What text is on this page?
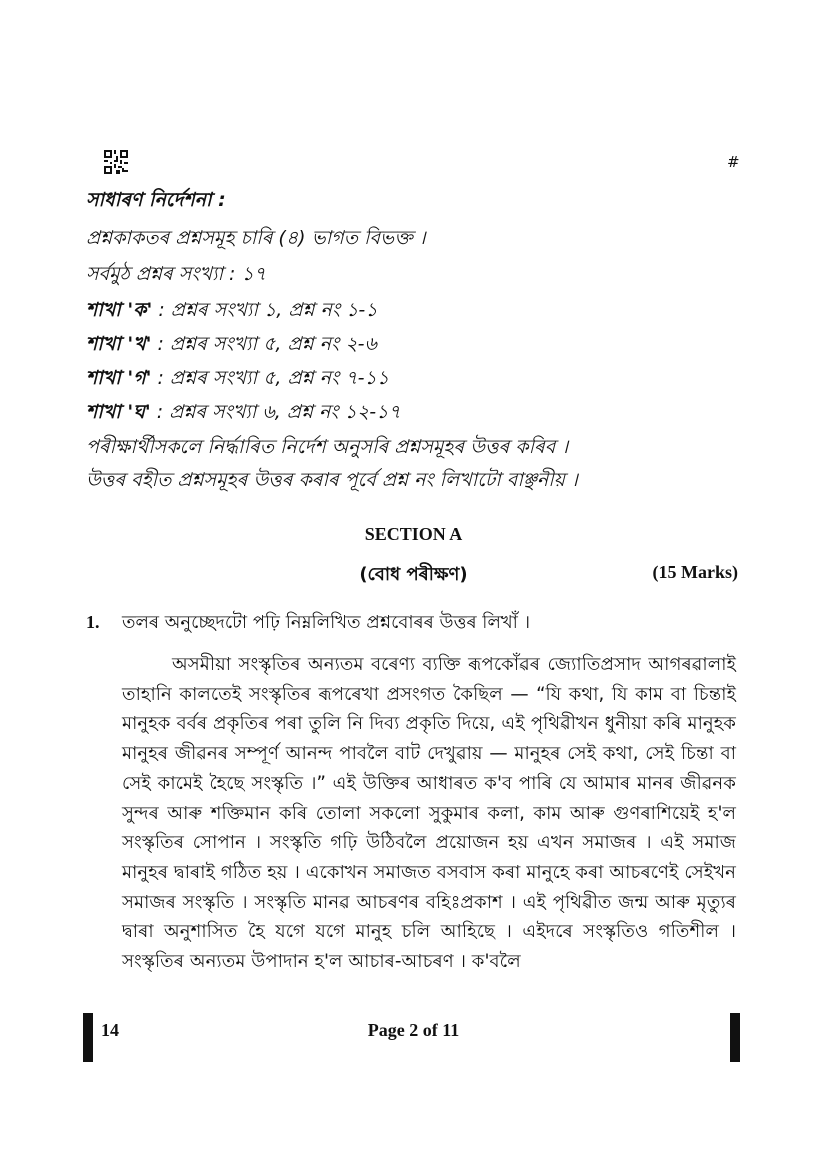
#
সাধাৰণ নিৰ্দেশনা :
প্ৰশ্নকাকতৰ প্ৰশ্নসমূহ চাৰি (৪) ভাগত বিভক্ত ।
সৰ্বমুঠ প্ৰশ্নৰ সংখ্যা : ১৭
শাখা 'ক' : প্ৰশ্নৰ সংখ্যা ১, প্ৰশ্ন নং ১-১
শাখা 'খ' : প্ৰশ্নৰ সংখ্যা ৫, প্ৰশ্ন নং ২-৬
শাখা 'গ' : প্ৰশ্নৰ সংখ্যা ৫, প্ৰশ্ন নং ৭-১১
শাখা 'ঘ' : প্ৰশ্নৰ সংখ্যা ৬, প্ৰশ্ন নং ১২-১৭
পৰীক্ষাৰ্থীসকলে নিৰ্দ্ধাৰিত নিৰ্দেশ অনুসৰি প্ৰশ্নসমূহৰ উত্তৰ কৰিব ।
উত্তৰ বহীত প্ৰশ্নসমূহৰ উত্তৰ কৰাৰ পূৰ্বে প্ৰশ্ন নং লিখাটো বাঞ্ছনীয় ।
SECTION A
(বোধ পৰীক্ষণ)	(15 Marks)
1. তলৰ অনুচ্ছেদটো পঢ়ি নিম্নলিখিত প্ৰশ্নবোৰৰ উত্তৰ লিখাঁ ।
অসমীয়া সংস্কৃতিৰ অন্যতম বৰেণ্য ব্যক্তি ৰূপকোঁৱৰ জ্যোতিপ্ৰসাদ আগৰৱালাই তাহানি কালতেই সংস্কৃতিৰ ৰূপৰেখা প্ৰসংগত কৈছিল — “যি কথা, যি কাম বা চিন্তাই মানুহক বৰ্বৰ প্ৰকৃতিৰ পৰা তুলি নি দিব্য প্ৰকৃতি দিয়ে, এই পৃথিৱীখন ধুনীয়া কৰি মানুহক মানুহৰ জীৱনৰ সম্পূৰ্ণ আনন্দ পাবলৈ বাট দেখুৱায় — মানুহৰ সেই কথা, সেই চিন্তা বা সেই কামেই হৈছে সংস্কৃতি ।” এই উক্তিৰ আধাৰত ক'ব পাৰি যে আমাৰ মানৰ জীৱনক সুন্দৰ আৰু শক্তিমান কৰি তোলা সকলো সুকুমাৰ কলা, কাম আৰু গুণৰাশিয়েই হ'ল সংস্কৃতিৰ সোপান । সংস্কৃতি গঢ়ি উঠিবলৈ প্ৰয়োজন হয় এখন সমাজৰ । এই সমাজ মানুহৰ দ্বাৰাই গঠিত হয় । একোখন সমাজত বসবাস কৰা মানুহে কৰা আচৰণেই সেইখন সমাজৰ সংস্কৃতি । সংস্কৃতি মানৱ আচৰণৰ বহিঃপ্ৰকাশ । এই পৃথিৱীত জন্ম আৰু মৃত্যুৰ দ্বাৰা অনুশাসিত হৈ যগে যগে মানুহ চলি আহিছে । এইদৰে সংস্কৃতিও গতিশীল । সংস্কৃতিৰ অন্যতম উপাদান হ'ল আচাৰ-আচৰণ । ক'বলৈ
14	Page 2 of 11
